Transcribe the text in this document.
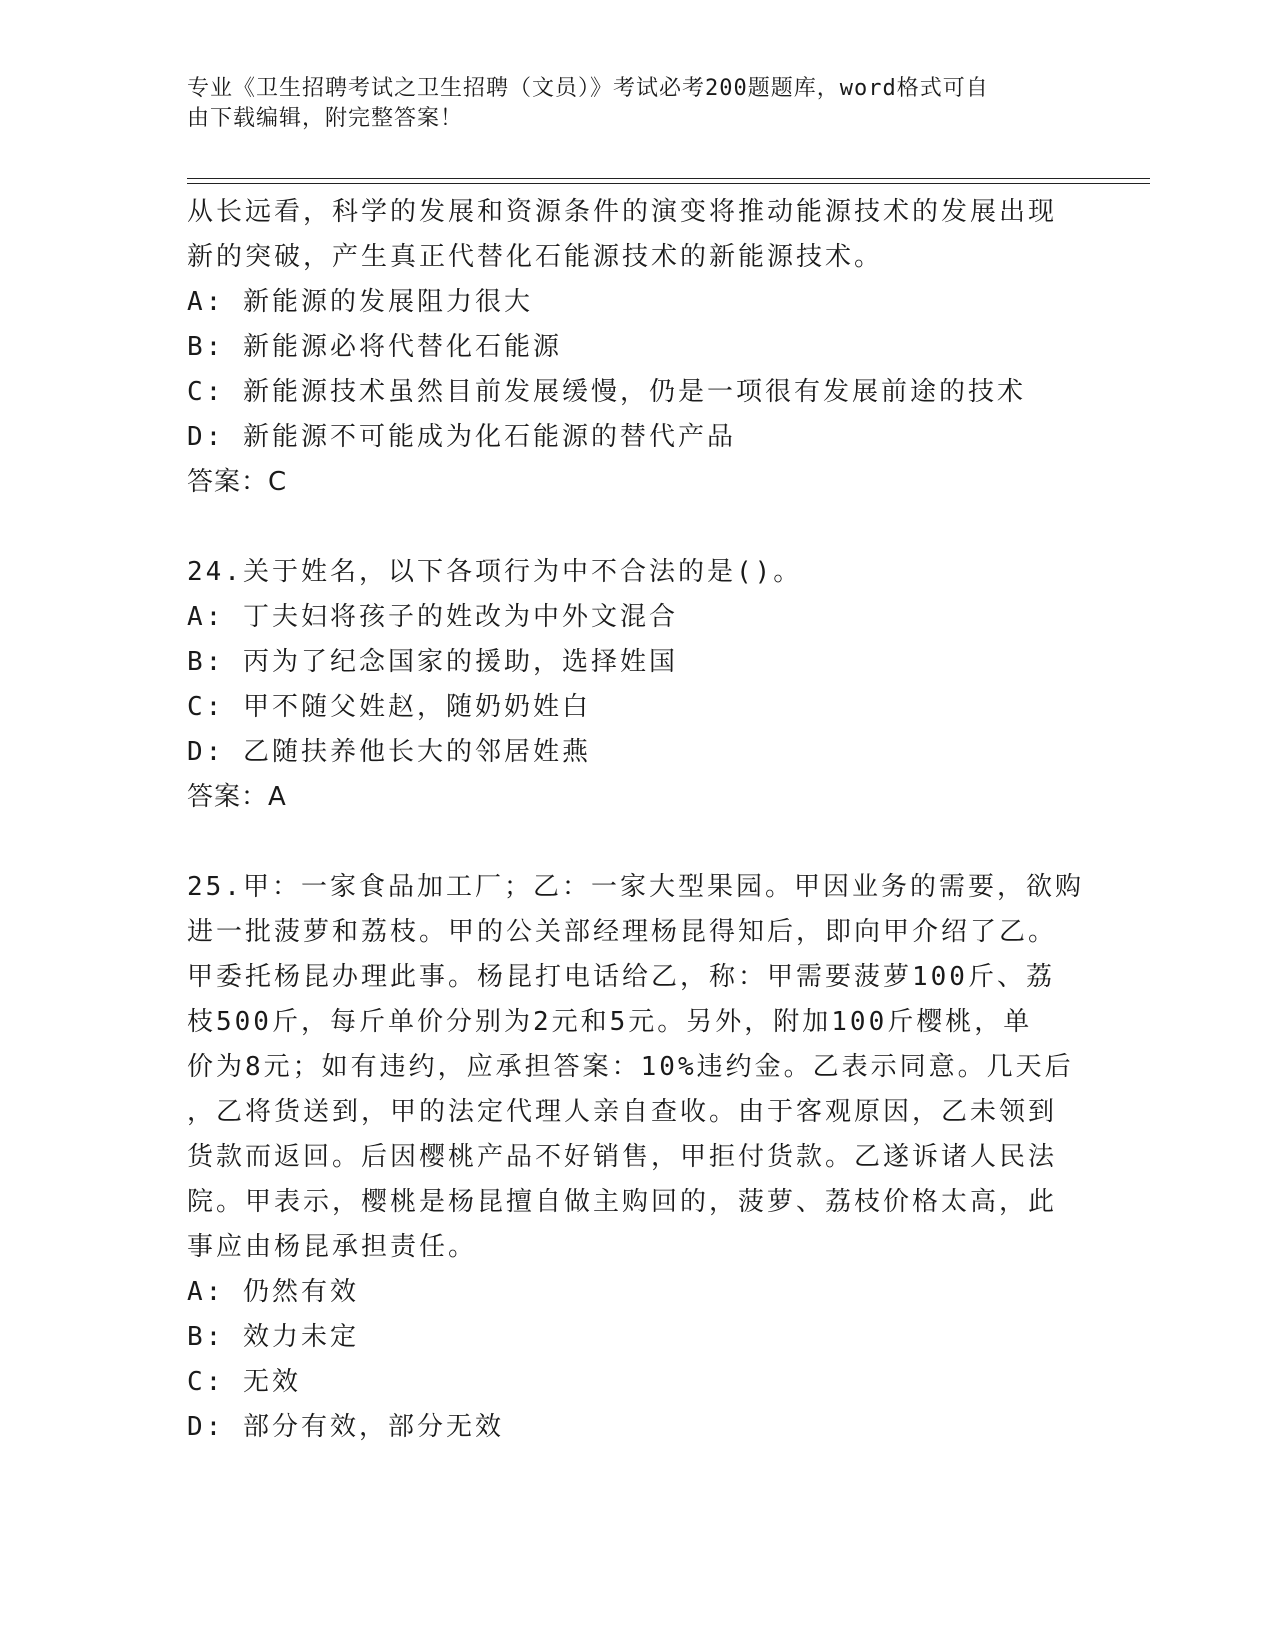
专业《卫生招聘考试之卫生招聘（文员）》考试必考200题题库，word格式可自
由下载编辑，附完整答案！
从长远看，科学的发展和资源条件的演变将推动能源技术的发展出现
新的突破，产生真正代替化石能源技术的新能源技术。
A: 新能源的发展阻力很大
B: 新能源必将代替化石能源
C: 新能源技术虽然目前发展缓慢，仍是一项很有发展前途的技术
D: 新能源不可能成为化石能源的替代产品
答案：C
24.关于姓名，以下各项行为中不合法的是()。
A: 丁夫妇将孩子的姓改为中外文混合
B: 丙为了纪念国家的援助，选择姓国
C: 甲不随父姓赵，随奶奶姓白
D: 乙随扶养他长大的邻居姓燕
答案：A
25.甲：一家食品加工厂；乙：一家大型果园。甲因业务的需要，欲购
进一批菠萝和荔枝。甲的公关部经理杨昆得知后，即向甲介绍了乙。
甲委托杨昆办理此事。杨昆打电话给乙，称：甲需要菠萝100斤、荔
枝500斤，每斤单价分别为2元和5元。另外，附加100斤樱桃，单
价为8元；如有违约，应承担答案：10%违约金。乙表示同意。几天后
，乙将货送到，甲的法定代理人亲自查收。由于客观原因，乙未领到
货款而返回。后因樱桃产品不好销售，甲拒付货款。乙遂诉诸人民法
院。甲表示，樱桃是杨昆擅自做主购回的，菠萝、荔枝价格太高，此
事应由杨昆承担责任。
A: 仍然有效
B: 效力未定
C: 无效
D: 部分有效，部分无效
